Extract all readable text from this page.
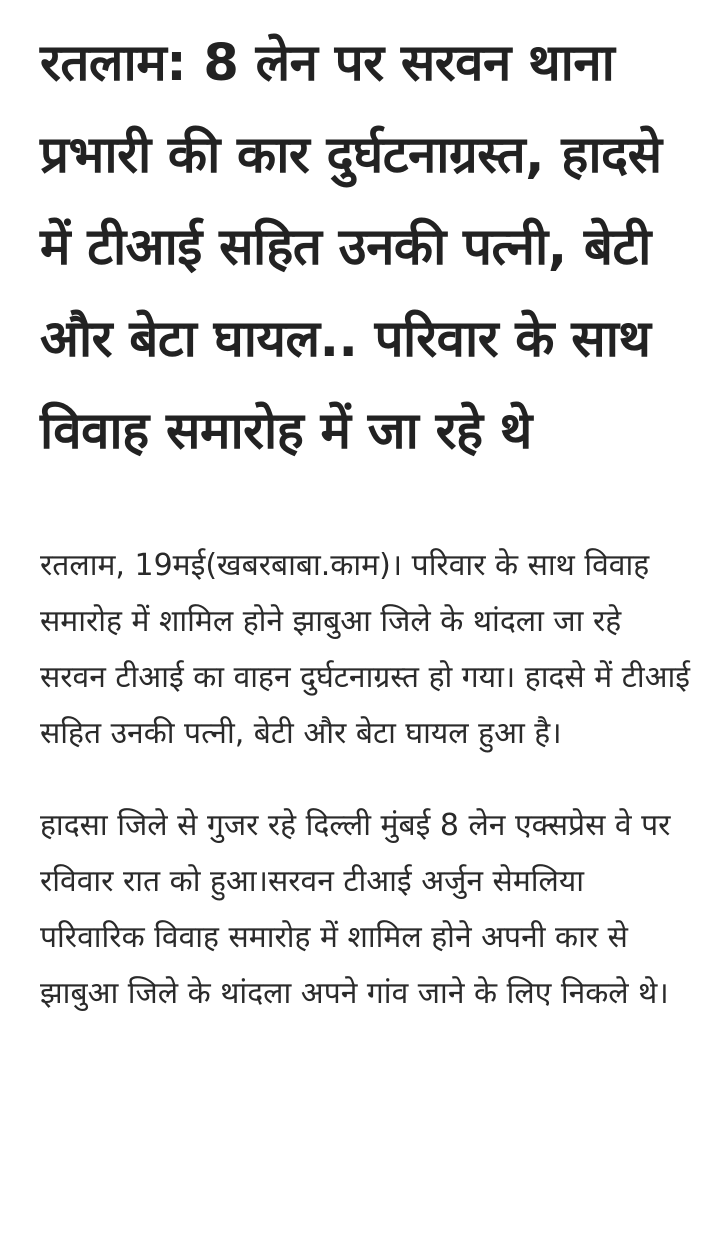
रतलाम: 8 लेन पर सरवन थाना प्रभारी की कार दुर्घटनाग्रस्त, हादसे में टीआई सहित उनकी पत्नी, बेटी और बेटा घायल.. परिवार के साथ विवाह समारोह में जा रहे थे

रतलाम, 19मई(खबरबाबा.काम)। परिवार के साथ विवाह समारोह में शामिल होने झाबुआ जिले के थांदला जा रहे सरवन टीआई का वाहन दुर्घटनाग्रस्त हो गया। हादसे में टीआई सहित उनकी पत्नी, बेटी और बेटा घायल हुआ है।

हादसा जिले से गुजर रहे दिल्ली मुंबई 8 लेन एक्सप्रेस वे पर रविवार रात को हुआ।सरवन टीआई अर्जुन सेमलिया परिवारिक विवाह समारोह में शामिल होने अपनी कार से झाबुआ जिले के थांदला अपने गांव जाने के लिए निकले थे।
